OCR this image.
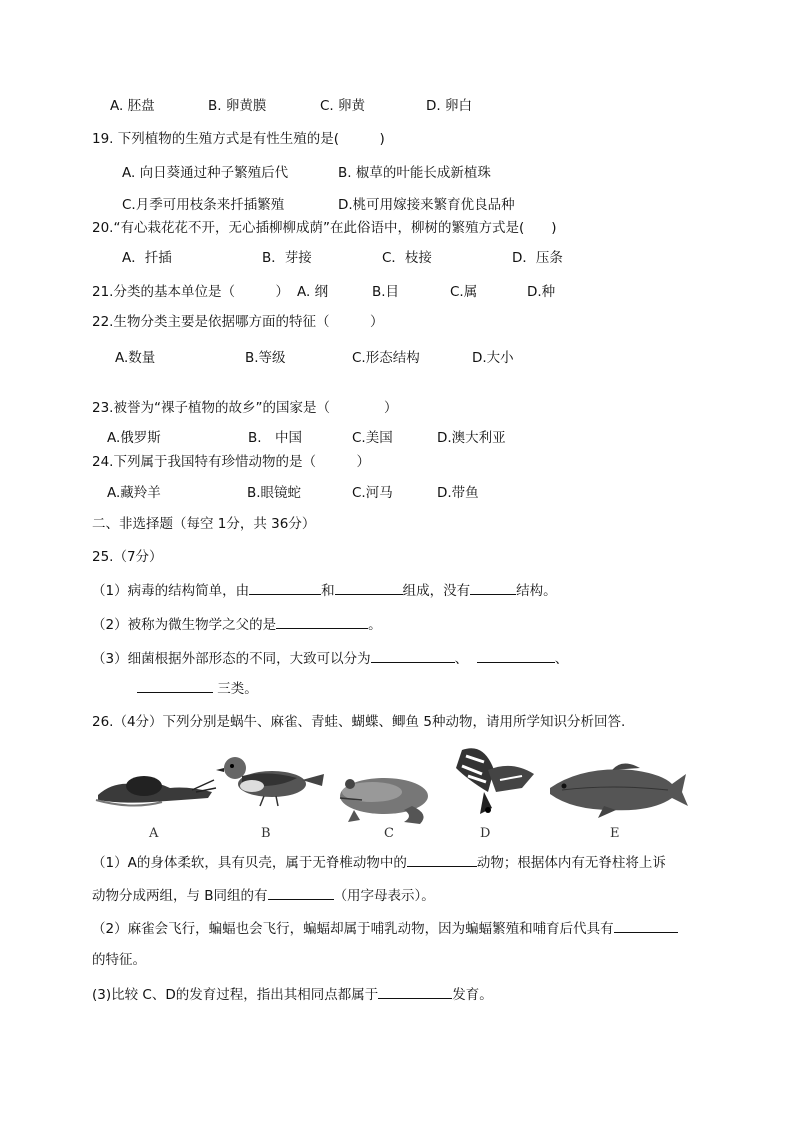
A. 胚盘	B. 卵黄膜	C. 卵黄	D. 卵白
19. 下列植物的生殖方式是有性生殖的是(　　　)
A. 向日葵通过种子繁殖后代	B. 椒草的叶能长成新植珠
C.月季可用枝条来扦插繁殖	D.桃可用嫁接来繁育优良品种
20.“有心栽花花不开，无心插柳柳成荫”在此俗语中，柳树的繁殖方式是(　　)
A．扦插	B．芽接	C．枝接	D．压条
21.分类的基本单位是（　　　） A. 纲	B.目	C.属	D.种
22.生物分类主要是依据哪方面的特征（　　　）
A.数量	B.等级	C.形态结构	D.大小
23.被誉为“裸子植物的故乡”的国家是（　　　　）
A.俄罗斯	B.　中国	C.美国	D.澳大利亚
24.下列属于我国特有珍惜动物的是（　　　）
A.藏羚羊	B.眼镜蛇	C.河马	D.带鱼
二、非选择题（每空 1分，共 36分）
25.（7分）
（1）病毒的结构简单，由	和	组成，没有	结构。
（2）被称为微生物学之父的是	。
（3）细菌根据外部形态的不同，大致可以分为	、	、
三类。
26.（4分）下列分别是蜗牛、麻雀、青蛙、蝴蝶、鲫鱼 5种动物，请用所学知识分析回答.
A	B	C	D	E
（1）A的身体柔软，具有贝壳，属于无脊椎动物中的	动物；根据体内有无脊柱将上诉
动物分成两组，与 B同组的有	（用字母表示）。
（2）麻雀会飞行，蝙蝠也会飞行，蝙蝠却属于哺乳动物，因为蝙蝠繁殖和哺育后代具有
的特征。
(3)比较 C、D的发育过程，指出其相同点都属于	发育。
